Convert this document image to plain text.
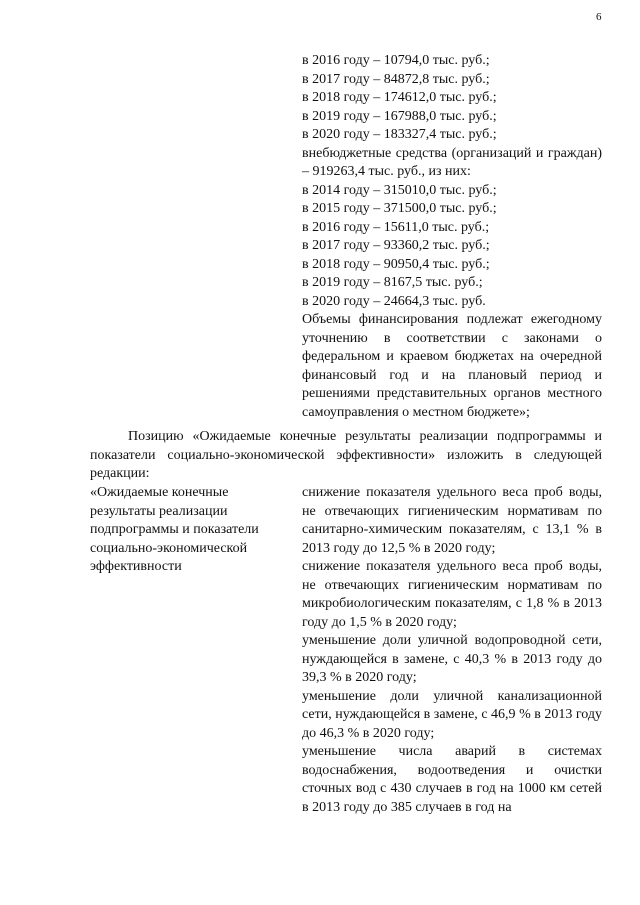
6
в 2016 году – 10794,0 тыс. руб.;
в 2017 году – 84872,8 тыс. руб.;
в 2018 году – 174612,0 тыс. руб.;
в 2019 году – 167988,0 тыс. руб.;
в 2020 году – 183327,4 тыс. руб.;
внебюджетные средства (организаций и граждан) – 919263,4 тыс. руб., из них:
в 2014 году – 315010,0 тыс. руб.;
в 2015 году – 371500,0 тыс. руб.;
в 2016 году – 15611,0 тыс. руб.;
в 2017 году – 93360,2 тыс. руб.;
в 2018 году – 90950,4 тыс. руб.;
в 2019 году – 8167,5 тыс. руб.;
в 2020 году – 24664,3 тыс. руб.
Объемы финансирования подлежат ежегодному уточнению в соответствии с законами о федеральном и краевом бюджетах на очередной финансовый год и на плановый период и решениями представительных органов местного самоуправления о местном бюджете»;
Позицию «Ожидаемые конечные результаты реализации подпрограммы и показатели социально-экономической эффективности» изложить в следующей редакции:
«Ожидаемые конечные результаты реализации подпрограммы и показатели социально-экономической эффективности
снижение показателя удельного веса проб воды, не отвечающих гигиеническим нормативам по санитарно-химическим показателям, с 13,1 % в 2013 году до 12,5 % в 2020 году;
снижение показателя удельного веса проб воды, не отвечающих гигиеническим нормативам по микробиологическим показателям, с 1,8 % в 2013 году до 1,5 % в 2020 году;
уменьшение доли уличной водопроводной сети, нуждающейся в замене, с 40,3 % в 2013 году до 39,3 % в 2020 году;
уменьшение доли уличной канализационной сети, нуждающейся в замене, с 46,9 % в 2013 году до 46,3 % в 2020 году;
уменьшение числа аварий в системах водоснабжения, водоотведения и очистки сточных вод с 430 случаев в год на 1000 км сетей в 2013 году до 385 случаев в год на
